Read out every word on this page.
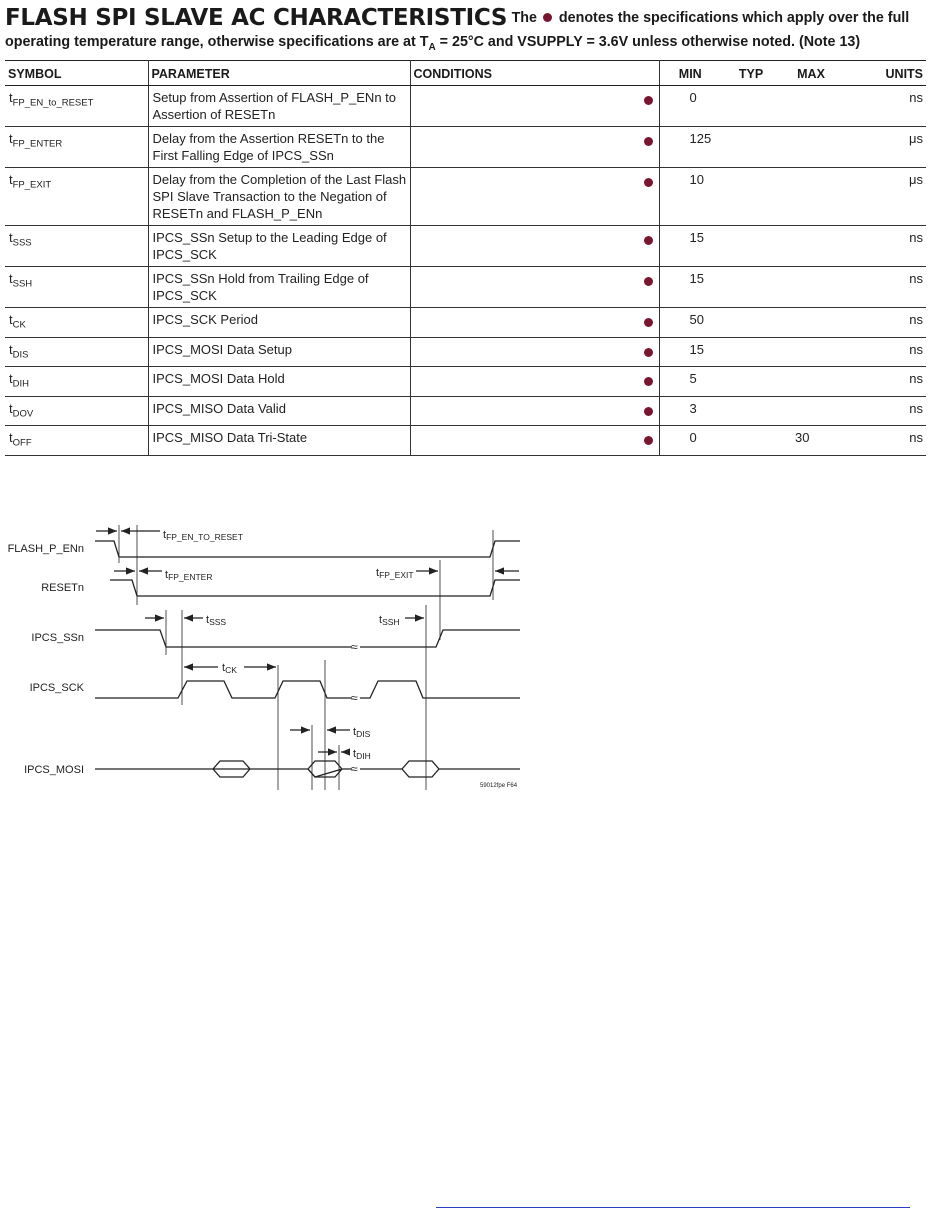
FLASH SPI SLAVE AC CHARACTERISTICS The denotes the specifications which apply over the full
operating temperature range, otherwise specifications are at $T_A = 25^\circ C$ and VSUPPLY = 3.6V unless otherwise noted. (Note 13)
SYMBOL	PARAMETER	CONDITIONS		MIN	TYP	MAX	UNITS
$t_{FP\_EN\_to\_RESET}$	Setup from Assertion of FLASH_P_ENn to Assertion of RESETn			0			ns
$t_{FP\_ENTER}$	Delay from the Assertion RESETn to the First Falling Edge of IPCS_SSn			125			μs
$t_{FP\_EXIT}$	Delay from the Completion of the Last Flash SPI Slave Transaction to the Negation of RESETn and FLASH_P_ENn			10			μs
$t_{SSS}$	IPCS_SSn Setup to the Leading Edge of IPCS_SCK			15			ns
$t_{SSH}$	IPCS_SSn Hold from Trailing Edge of IPCS_SCK			15			ns
$t_{CK}$	IPCS_SCK Period			50			ns
$t_{DIS}$	IPCS_MOSI Data Setup			15			ns
$t_{DIH}$	IPCS_MOSI Data Hold			5			ns
$t_{DOV}$	IPCS_MISO Data Valid			3			ns
$t_{OFF}$	IPCS_MISO Data Tri-State			0		30	ns
FLASH_P_ENn
RESETn
IPCS_SSn
IPCS_SCK
IPCS_MOSI
≈
≈
≈
tFP_EN_TO_RESET
tFP_ENTER	tFP_EXIT
tSSS	tSSH
tCK
tDIS
tDIH
59012fpe F64
